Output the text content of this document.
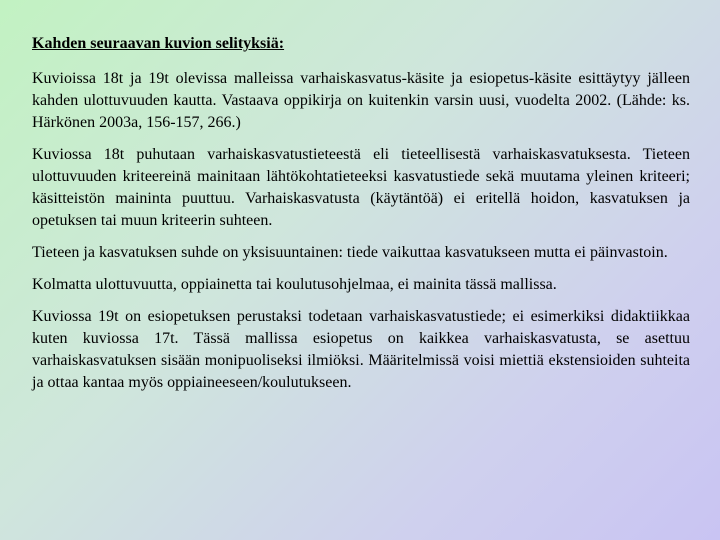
Kahden seuraavan kuvion selityksiä:

Kuvioissa 18t ja 19t olevissa malleissa varhaiskasvatus-käsite ja esiopetus-käsite esittäytyy jälleen kahden ulottuvuuden kautta. Vastaava oppikirja on kuitenkin varsin uusi, vuodelta 2002. (Lähde: ks. Härkönen 2003a, 156-157, 266.)

Kuviossa 18t puhutaan varhaiskasvatustieteestä eli tieteellisestä varhaiskasvatuksesta. Tieteen ulottuvuuden kriteereinä mainitaan lähtökohtatieteeksi kasvatustiede sekä muutama yleinen kriteeri; käsitteistön maininta puuttuu. Varhaiskasvatusta (käytäntöä) ei eritellä hoidon, kasvatuksen ja opetuksen tai muun kriteerin suhteen.

Tieteen ja kasvatuksen suhde on yksisuuntainen: tiede vaikuttaa kasvatukseen mutta ei päinvastoin.

Kolmatta ulottuvuutta, oppiainetta tai koulutusohjelmaa, ei mainita tässä mallissa.

Kuviossa 19t on esiopetuksen perustaksi todetaan varhaiskasvatustiede; ei esimerkiksi didaktiikkaa kuten kuviossa 17t. Tässä mallissa esiopetus on kaikkea varhaiskasvatusta, se asettuu varhaiskasvatuksen sisään monipuoliseksi ilmiöksi. Määritelmissä voisi miettiä ekstensioiden suhteita ja ottaa kantaa myös oppiaineeseen/koulutukseen.
